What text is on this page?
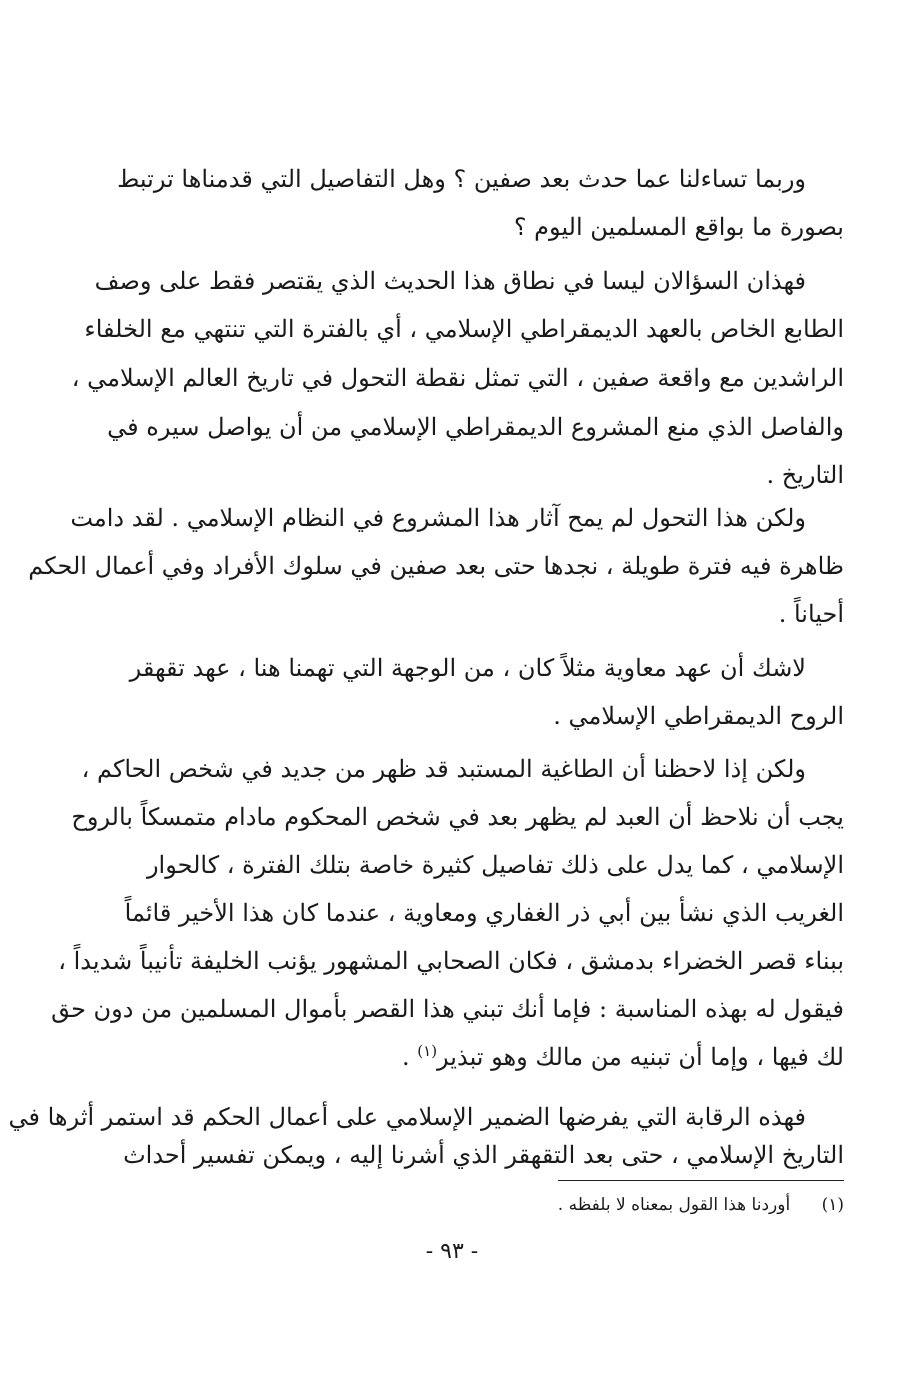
وربما تساءلنا عما حدث بعد صفين ؟ وهل التفاصيل التي قدمناها ترتبط
بصورة ما بواقع المسلمين اليوم ؟
فهذان السؤالان ليسا في نطاق هذا الحديث الذي يقتصر فقط على وصف
الطابع الخاص بالعهد الديمقراطي الإسلامي ، أي بالفترة التي تنتهي مع الخلفاء
الراشدين مع واقعة صفين ، التي تمثل نقطة التحول في تاريخ العالم الإسلامي ،
والفاصل الذي منع المشروع الديمقراطي الإسلامي من أن يواصل سيره في
التاريخ .
ولكن هذا التحول لم يمح آثار هذا المشروع في النظام الإسلامي . لقد دامت
ظاهرة فيه فترة طويلة ، نجدها حتى بعد صفين في سلوك الأفراد وفي أعمال الحكم
أحياناً .
لاشك أن عهد معاوية مثلاً كان ، من الوجهة التي تهمنا هنا ، عهد تقهقر
الروح الديمقراطي الإسلامي .
ولكن إذا لاحظنا أن الطاغية المستبد قد ظهر من جديد في شخص الحاكم ،
يجب أن نلاحظ أن العبد لم يظهر بعد في شخص المحكوم مادام متمسكاً بالروح
الإسلامي ، كما يدل على ذلك تفاصيل كثيرة خاصة بتلك الفترة ، كالحوار
الغريب الذي نشأ بين أبي ذر الغفاري ومعاوية ، عندما كان هذا الأخير قائماً
ببناء قصر الخضراء بدمشق ، فكان الصحابي المشهور يؤنب الخليفة تأنيباً شديداً ،
فيقول له بهذه المناسبة : فإما أنك تبني هذا القصر بأموال المسلمين من دون حق
لك فيها ، وإما أن تبنيه من مالك وهو تبذير$^{(١)}$ .
فهذه الرقابة التي يفرضها الضمير الإسلامي على أعمال الحكم قد استمر أثرها في
التاريخ الإسلامي ، حتى بعد التقهقر الذي أشرنا إليه ، ويمكن تفسير أحداث
(١) أوردنا هذا القول بمعناه لا بلفظه .
- ٩٣ -
